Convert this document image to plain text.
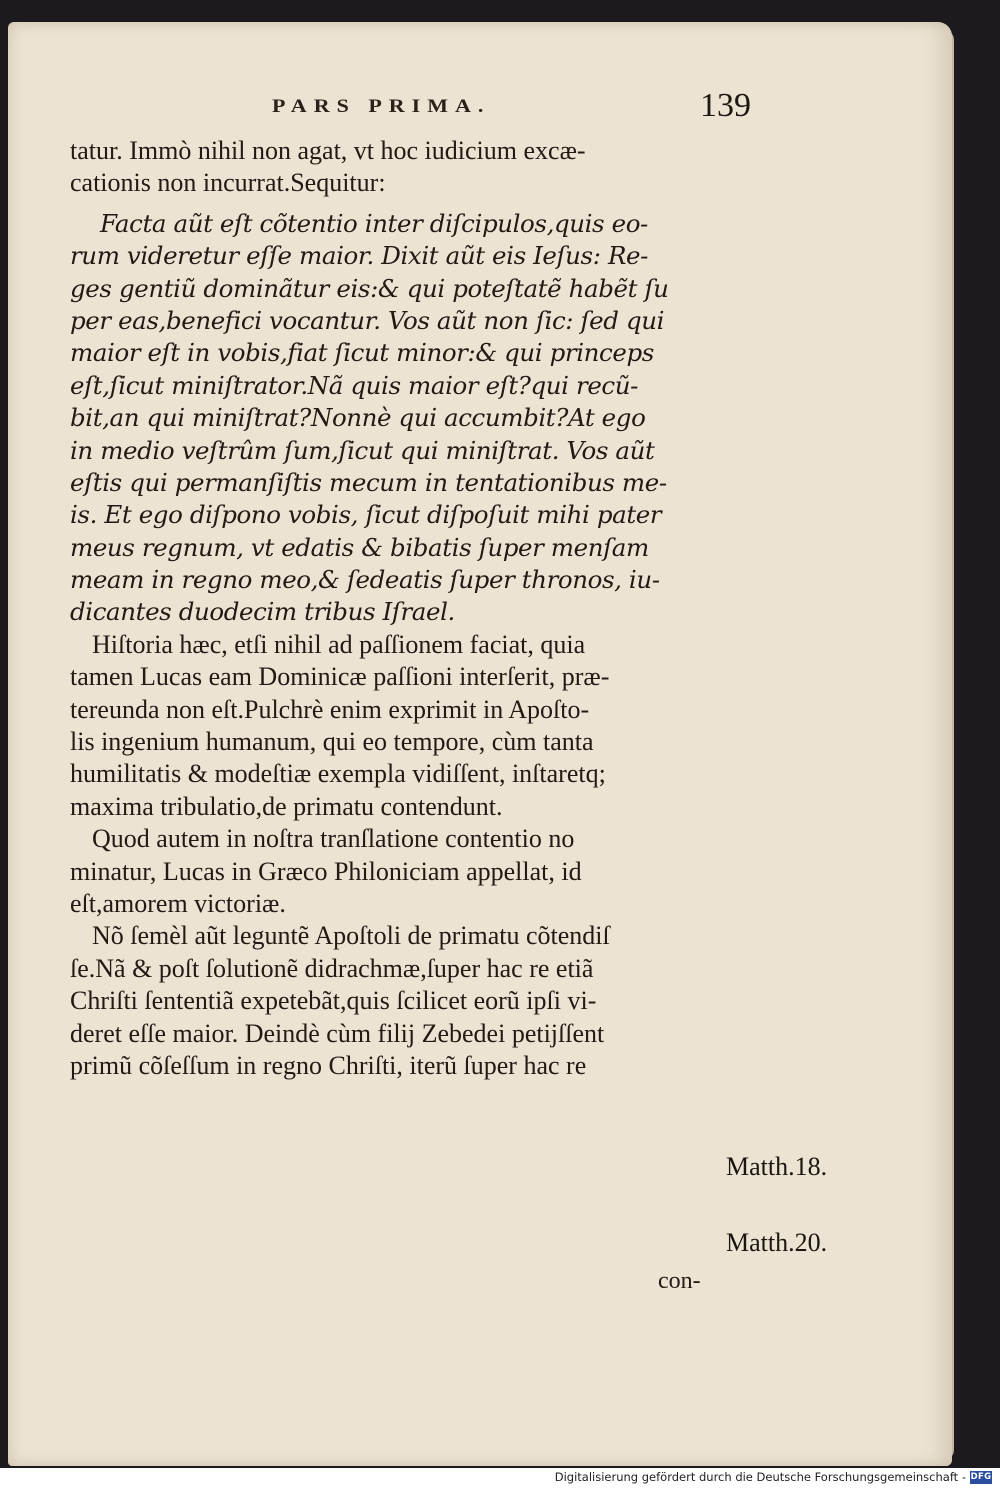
PARS PRIMA.	139
tatur. Immò nihil non agat, vt hoc iudicium excæ-
cationis non incurrat.Sequitur:
Facta aũt eſt cõtentio inter diſcipulos,quis eo-
rum videretur eſſe maior. Dixit aũt eis Ieſus: Re-
ges gentiũ dominãtur eis:& qui poteſtatẽ habẽt ſu
per eas,benefici vocantur. Vos aũt non ſic: ſed qui
maior eſt in vobis,fiat ſicut minor:& qui princeps
eſt,ſicut miniſtrator.Nã quis maior eſt?qui recũ-
bit,an qui miniſtrat?Nonnè qui accumbit?At ego
in medio veſtrûm ſum,ſicut qui miniſtrat. Vos aũt
eſtis qui permanſiſtis mecum in tentationibus me-
is. Et ego diſpono vobis, ſicut diſpoſuit mihi pater
meus regnum, vt edatis & bibatis ſuper menſam
meam in regno meo,& ſedeatis ſuper thronos, iu-
dicantes duodecim tribus Iſrael.
Hiſtoria hæc, etſi nihil ad paſſionem faciat, quia
tamen Lucas eam Dominicæ paſſioni interſerit, præ-
tereunda non eſt.Pulchrè enim exprimit in Apoſto-
lis ingenium humanum, qui eo tempore, cùm tanta
humilitatis & modeſtiæ exempla vidiſſent, inſtaretq;
maxima tribulatio,de primatu contendunt.
Quod autem in noſtra tranſlatione contentio no
minatur, Lucas in Græco Philoniciam appellat, id
eſt,amorem victoriæ.
Nõ ſemèl aũt leguntẽ Apoſtoli de primatu cõtendiſ
ſe.Nã & poſt ſolutionẽ didrachmæ,ſuper hac re etiã
Chriſti ſententiã expetebãt,quis ſcilicet eorũ ipſi vi-
deret eſſe maior. Deindè cùm filij Zebedei petijſſent
primũ cõſeſſum in regno Chriſti, iterũ ſuper hac re
Matth.18.
Matth.20.
con-
Digitalisierung gefördert durch die Deutsche Forschungsgemeinschaft - DFG
